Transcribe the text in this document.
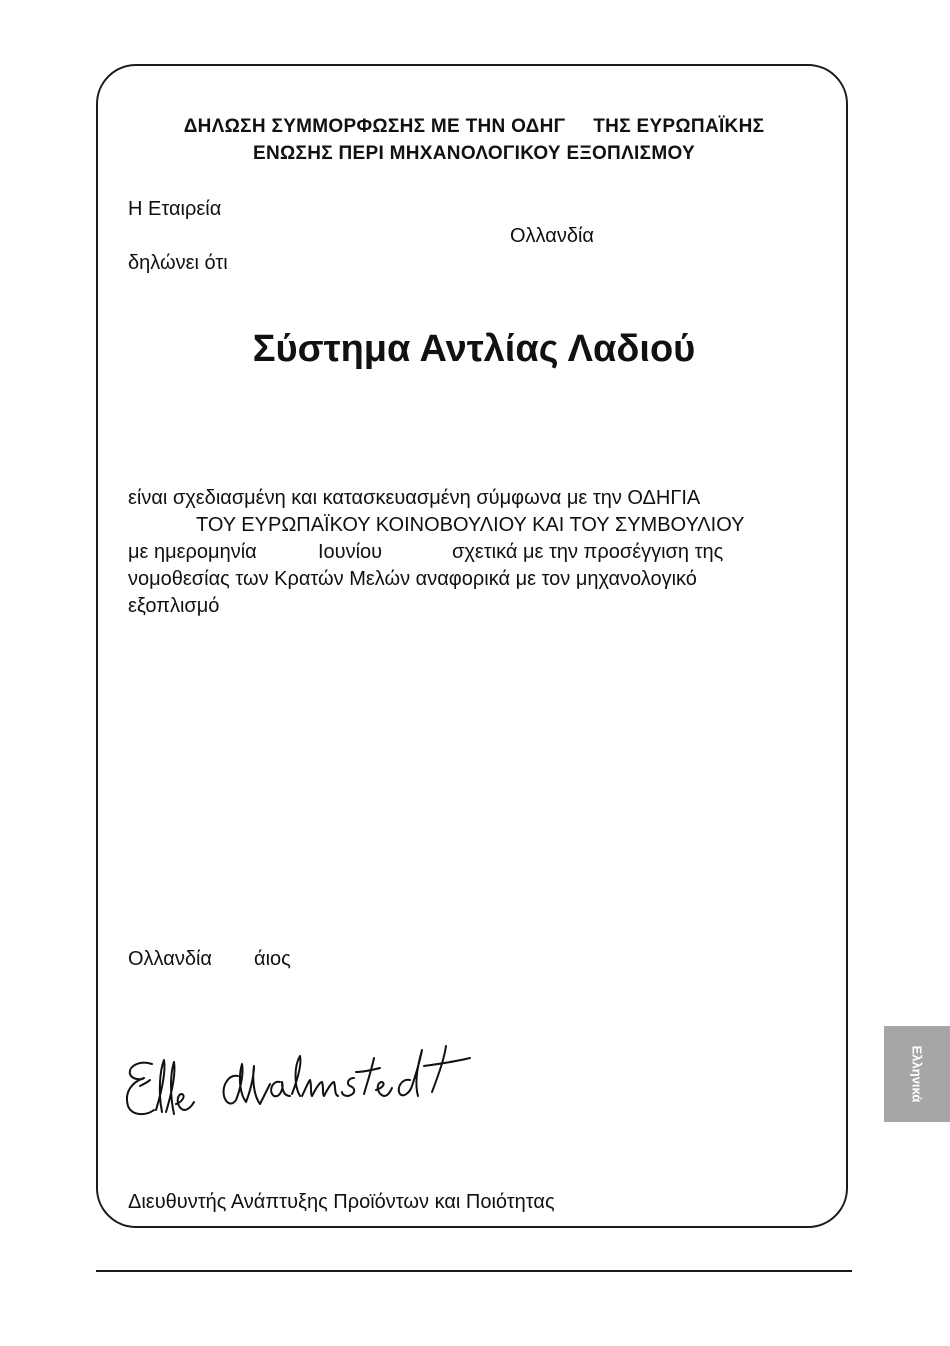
ΔΗΛΩΣΗ ΣΥΜΜΟΡΦΩΣΗΣ ΜΕ ΤΗΝ ΟΔΗΓ     ΤΗΣ ΕΥΡΩΠΑΪΚΗΣ
ΕΝΩΣΗΣ ΠΕΡΙ ΜΗΧΑΝΟΛΟΓΙΚΟΥ ΕΞΟΠΛΙΣΜΟΥ
Η Εταιρεία
Ολλανδία
δηλώνει ότι
Σύστημα Αντλίας Λαδιού
είναι σχεδιασμένη και κατασκευασμένη σύμφωνα με την ΟΔΗΓΙΑ
ΤΟΥ ΕΥΡΩΠΑΪΚΟΥ ΚΟΙΝΟΒΟΥΛΙΟΥ ΚΑΙ ΤΟΥ ΣΥΜΒΟΥΛΙΟΥ
με ημερομηνία	Ιουνίου	σχετικά με την προσέγγιση της
νομοθεσίας των Κρατών Μελών αναφορικά με τον μηχανολογικό
εξοπλισμό
Ολλανδία άιος
Διευθυντής Ανάπτυξης Προϊόντων και Ποιότητας
Ελληνικά
